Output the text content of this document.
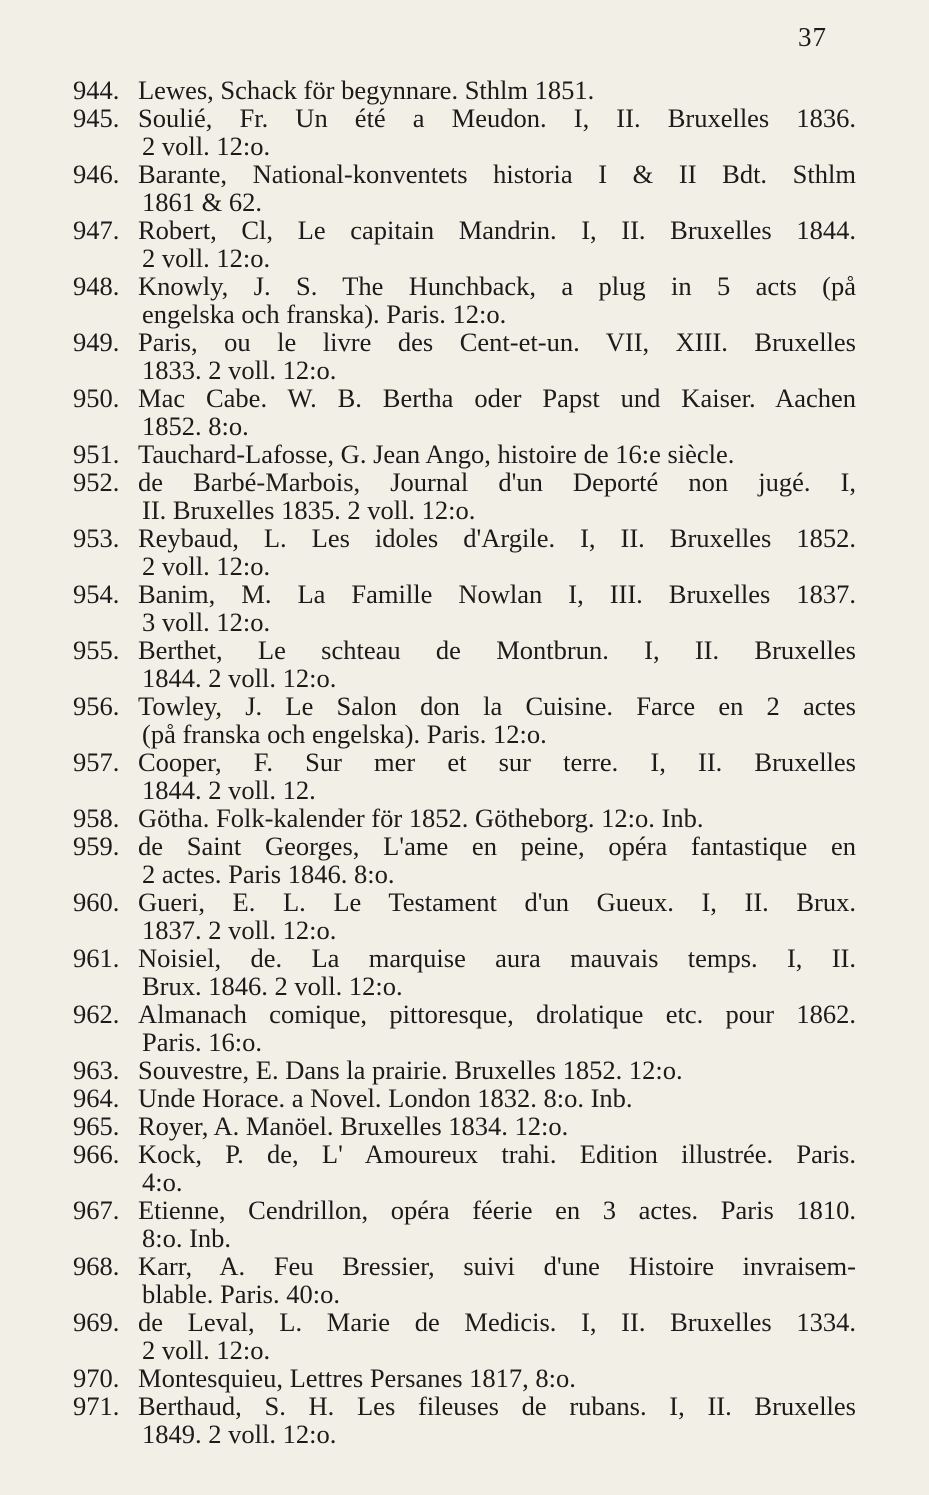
37
944. Lewes, Schack för begynnare. Sthlm 1851.
945. Soulié, Fr. Un été a Meudon. I, II. Bruxelles 1836.
2 voll. 12:o.
946. Barante, National-konventets historia I & II Bdt. Sthlm
1861 & 62.
947. Robert, Cl, Le capitain Mandrin. I, II. Bruxelles 1844.
2 voll. 12:o.
948. Knowly, J. S. The Hunchback, a plug in 5 acts (på
engelska och franska). Paris. 12:o.
949. Paris, ou le livre des Cent-et-un. VII, XIII. Bruxelles
1833. 2 voll. 12:o.
950. Mac Cabe. W. B. Bertha oder Papst und Kaiser. Aachen
1852. 8:o.
951. Tauchard-Lafosse, G. Jean Ango, histoire de 16:e siècle.
952. de Barbé-Marbois, Journal d'un Deporté non jugé. I,
II. Bruxelles 1835. 2 voll. 12:o.
953. Reybaud, L. Les idoles d'Argile. I, II. Bruxelles 1852.
2 voll. 12:o.
954. Banim, M. La Famille Nowlan I, III. Bruxelles 1837.
3 voll. 12:o.
955. Berthet, Le schteau de Montbrun. I, II. Bruxelles
1844. 2 voll. 12:o.
956. Towley, J. Le Salon don la Cuisine. Farce en 2 actes
(på franska och engelska). Paris. 12:o.
957. Cooper, F. Sur mer et sur terre. I, II. Bruxelles
1844. 2 voll. 12.
958. Götha. Folk-kalender för 1852. Götheborg. 12:o. Inb.
959. de Saint Georges, L'ame en peine, opéra fantastique en
2 actes. Paris 1846. 8:o.
960. Gueri, E. L. Le Testament d'un Gueux. I, II. Brux.
1837. 2 voll. 12:o.
961. Noisiel, de. La marquise aura mauvais temps. I, II.
Brux. 1846. 2 voll. 12:o.
962. Almanach comique, pittoresque, drolatique etc. pour 1862.
Paris. 16:o.
963. Souvestre, E. Dans la prairie. Bruxelles 1852. 12:o.
964. Unde Horace. a Novel. London 1832. 8:o. Inb.
965. Royer, A. Manöel. Bruxelles 1834. 12:o.
966. Kock, P. de, L' Amoureux trahi. Edition illustrée. Paris.
4:o.
967. Etienne, Cendrillon, opéra féerie en 3 actes. Paris 1810.
8:o. Inb.
968. Karr, A. Feu Bressier, suivi d'une Histoire invraisem-
blable. Paris. 40:o.
969. de Leval, L. Marie de Medicis. I, II. Bruxelles 1334.
2 voll. 12:o.
970. Montesquieu, Lettres Persanes 1817, 8:o.
971. Berthaud, S. H. Les fileuses de rubans. I, II. Bruxelles
1849. 2 voll. 12:o.
